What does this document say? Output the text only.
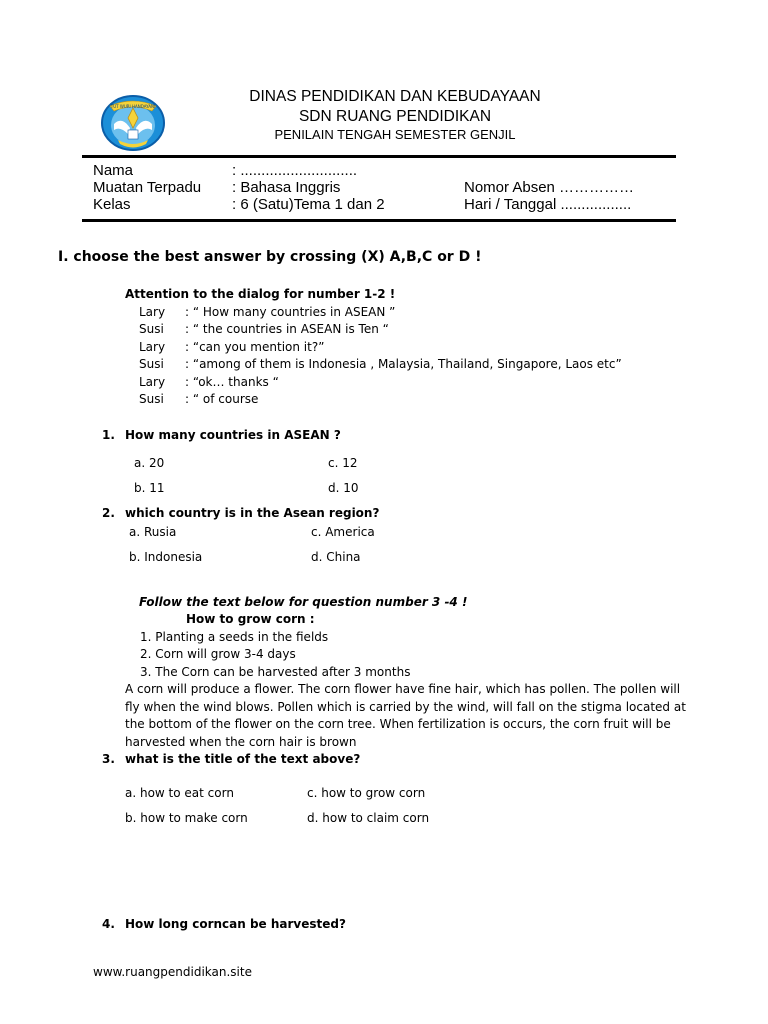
TUT WURI HANDAYANI
DINAS PENDIDIKAN DAN KEBUDAYAAN
SDN RUANG PENDIDIKAN
PENILAIN TENGAH SEMESTER GENJIL
Nama	: ............................
Muatan Terpadu : Bahasa Inggris	Nomor Absen ……………
Kelas	: 6 (Satu)Tema 1 dan 2	Hari / Tanggal .................
I. choose the best answer by crossing (X) A,B,C or D !
Attention to the dialog for number 1-2 !
Lary : “ How many countries in ASEAN ”
Susi : “ the countries in ASEAN is Ten “
Lary : “can you mention it?”
Susi : “among of them is Indonesia , Malaysia, Thailand, Singapore, Laos etc”
Lary : “ok… thanks “
Susi : “ of course
1. How many countries in ASEAN ?
a. 20	c. 12
b. 11	d. 10
2. which country is in the Asean region?
a. Rusia	c. America
b. Indonesia	d. China
Follow the text below for question number 3 -4 !
How to grow corn :
1. Planting a seeds in the fields
2. Corn will grow 3-4 days
3. The Corn can be harvested after 3 months
A corn will produce a flower. The corn flower have fine hair, which has pollen. The pollen will
fly when the wind blows. Pollen which is carried by the wind, will fall on the stigma located at
the bottom of the flower on the corn tree. When fertilization is occurs, the corn fruit will be
harvested when the corn hair is brown
3. what is the title of the text above?
a. how to eat corn	c. how to grow corn
b. how to make corn	d. how to claim corn
4. How long corncan be harvested?
www.ruangpendidikan.site
